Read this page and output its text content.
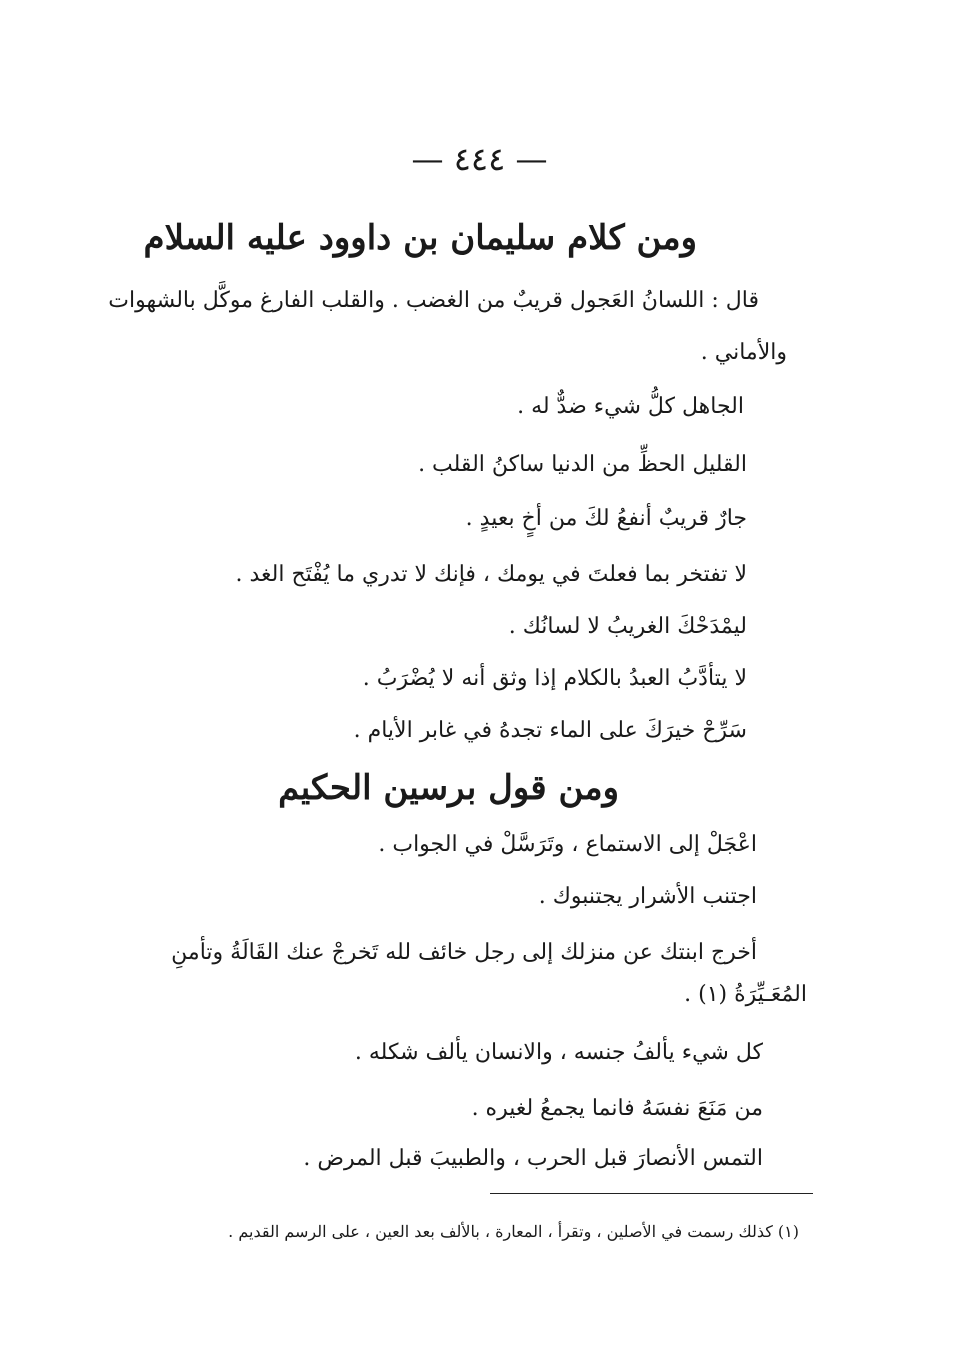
— ٤٤٤ —
ومن كلام سليمان بن داوود عليه السلام
قال : اللسانُ العَجول قريبٌ من الغضب . والقلب الفارغ موكَّل بالشهوات
والأماني .
الجاهل كلُّ شيء ضدٌّ له .
القليل الحظِّ من الدنيا ساكنُ القلب .
جارٌ قريبٌ أنفعُ لكَ من أخٍ بعيدٍ .
لا تفتخر بما فعلتَ في يومك ، فإنك لا تدري ما يُفْتَح الغد .
ليمْدَحْكَ الغريبُ لا لسانُك .
لا يتأدَّبُ العبدُ بالكلام إذا وثق أنه لا يُضْرَبُ .
سَرِّحْ خيرَكَ على الماء تجدهُ في غابر الأيام .
ومن قول برسين الحكيم
اعْجَلْ إلى الاستماع ، وتَرَسَّلْ في الجواب .
اجتنب الأشرار يجتنبوك .
أخرج ابنتك عن منزلك إلى رجل خائف لله تَخرجْ عنك القَالَةُ وتأمنِ
المُعَـيِّرَةُ (١) .
كل شيء يألفُ جنسه ، والانسان يألف شكله .
من مَنَعَ نفسَهُ فانما يجمعُ لغيره .
التمس الأنصارَ قبل الحرب ، والطبيبَ قبل المرض .
(١) كذلك رسمت في الأصلين ، وتقرأ ، المعارة ، بالألف بعد العين ، على الرسم القديم .
